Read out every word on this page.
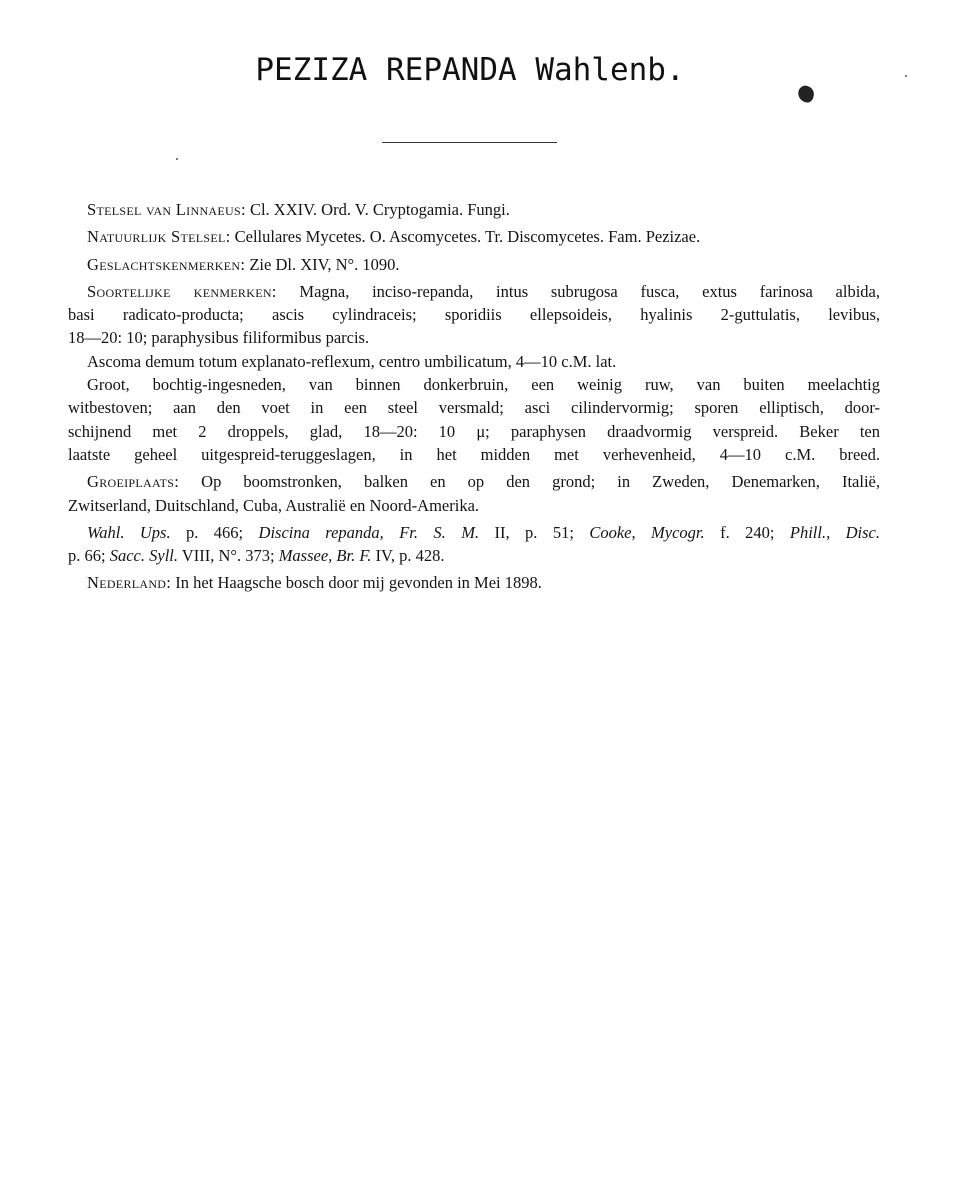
PEZIZA REPANDA Wahlenb.

Stelsel van Linnaeus: Cl. XXIV. Ord. V. Cryptogamia. Fungi.

Natuurlijk Stelsel: Cellulares Mycetes. O. Ascomycetes. Tr. Discomycetes. Fam. Pezizae.

Geslachtskenmerken: Zie Dl. XIV, N°. 1090.

Soortelijke kenmerken: Magna, inciso-repanda, intus subrugosa fusca, extus farinosa albida,
basi radicato-producta; ascis cylindraceis; sporidiis ellepsoideis, hyalinis 2-guttulatis, levibus,
18—20: 10; paraphysibus filiformibus parcis.

Ascoma demum totum explanato-reflexum, centro umbilicatum, 4—10 c.M. lat.

Groot, bochtig-ingesneden, van binnen donkerbruin, een weinig ruw, van buiten meelachtig
witbestoven; aan den voet in een steel versmald; asci cilindervormig; sporen elliptisch, door-
schijnend met 2 droppels, glad, 18—20: 10 μ; paraphysen draadvormig verspreid. Beker ten
laatste geheel uitgespreid-teruggeslagen, in het midden met verhevenheid, 4—10 c.M. breed.

Groeiplaats: Op boomstronken, balken en op den grond; in Zweden, Denemarken, Italië,
Zwitserland, Duitschland, Cuba, Australië en Noord-Amerika.

Wahl. Ups. p. 466; Discina repanda, Fr. S. M. II, p. 51; Cooke, Mycogr. f. 240; Phill., Disc.
p. 66; Sacc. Syll. VIII, N°. 373; Massee, Br. F. IV, p. 428.

Nederland: In het Haagsche bosch door mij gevonden in Mei 1898.
